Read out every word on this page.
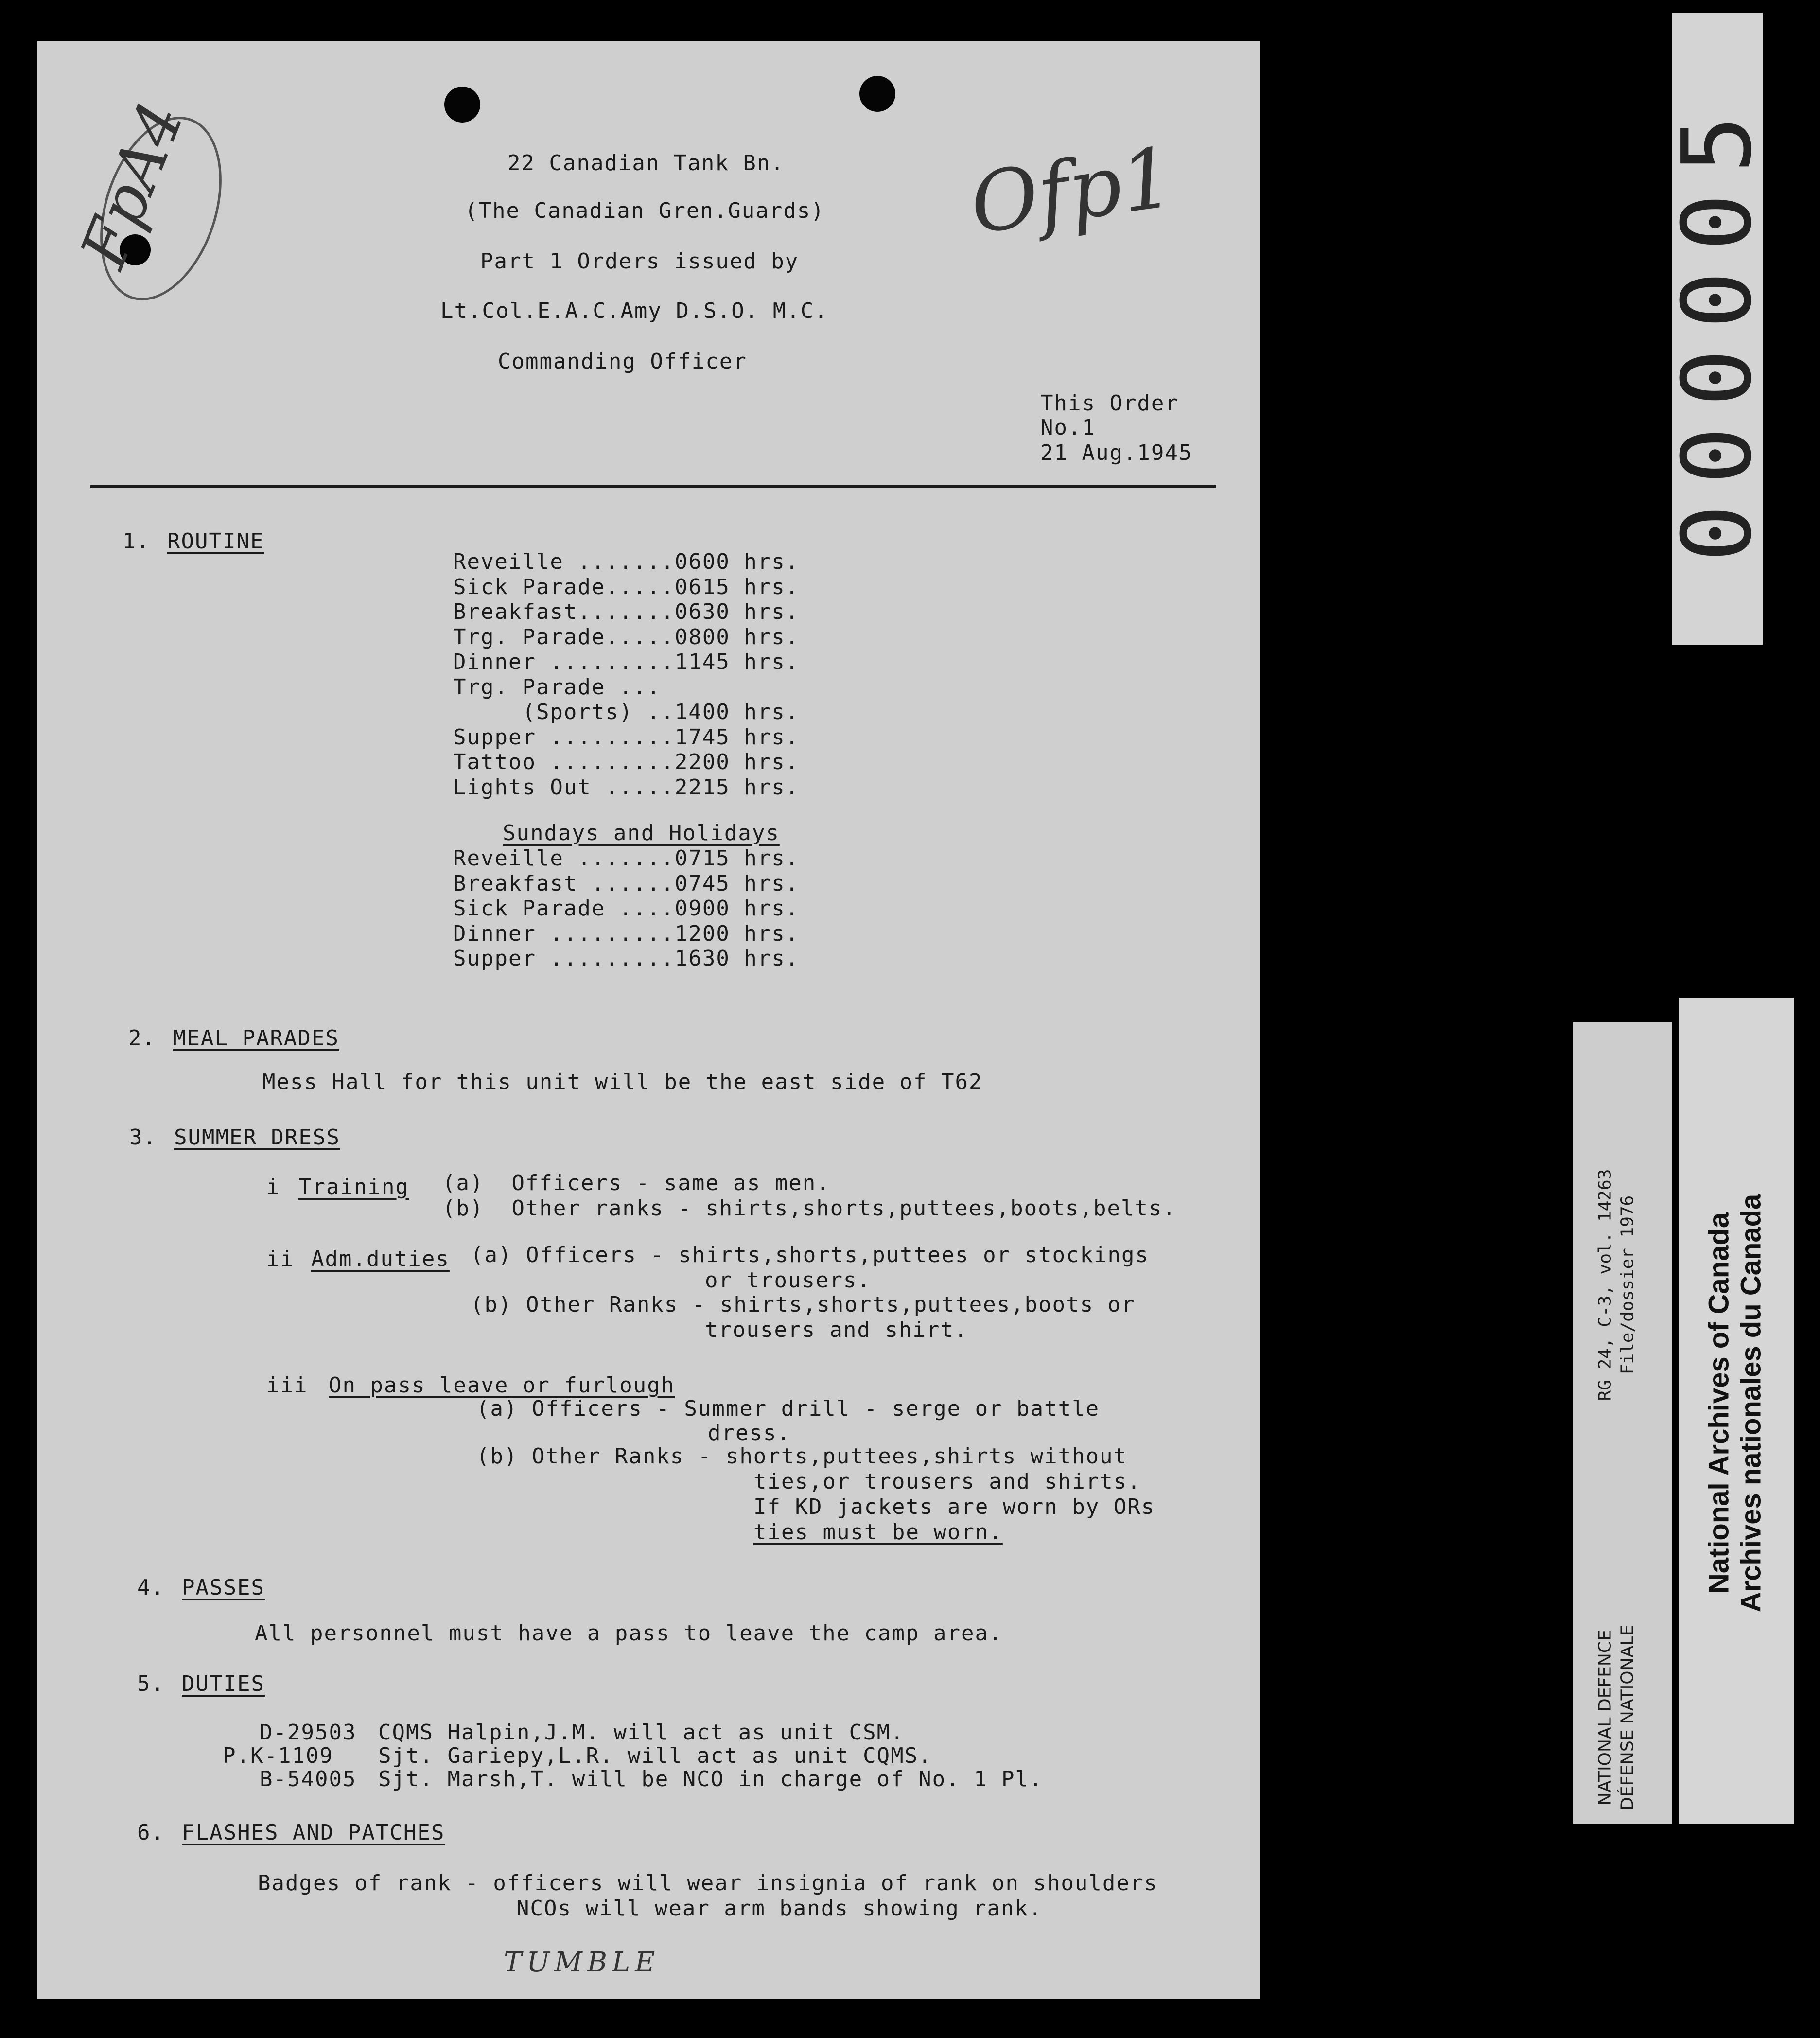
Ofp1
FpA4	22 Canadian Tank Bn.
(The Canadian Gren.Guards)
Part 1 Orders issued by
Lt.Col.E.A.C.Amy D.S.O. M.C.
Commanding Officer
This Order
No.1
21 Aug.1945
1. ROUTINE
Reveille .......0600 hrs.
Sick Parade.....0615 hrs.
Breakfast.......0630 hrs.
Trg. Parade.....0800 hrs.
Dinner .........1145 hrs.
Trg. Parade ...
(Sports) ..1400 hrs.
Supper .........1745 hrs.
Tattoo .........2200 hrs.
Lights Out .....2215 hrs.
Sundays and Holidays
Reveille .......0715 hrs.
Breakfast ......0745 hrs.
Sick Parade ....0900 hrs.
Dinner .........1200 hrs.
Supper .........1630 hrs.
2. MEAL PARADES
Mess Hall for this unit will be the east side of T62
3. SUMMER DRESS
i Training (a)  Officers - same as men.
(b)  Other ranks - shirts,shorts,puttees,boots,belts.
ii Adm.duties (a) Officers - shirts,shorts,puttees or stockings
or trousers.
(b) Other Ranks - shirts,shorts,puttees,boots or
trousers and shirt.
iii On pass leave or furlough
(a) Officers - Summer drill - serge or battle
dress.
(b) Other Ranks - shorts,puttees,shirts without
ties,or trousers and shirts.
If KD jackets are worn by ORs
ties must be worn.
4. PASSES
All personnel must have a pass to leave the camp area.
5. DUTIES
D-29503 CQMS Halpin,J.M. will act as unit CSM.
P.K-1109 Sjt. Gariepy,L.R. will act as unit CQMS.
B-54005 Sjt. Marsh,T. will be NCO in charge of No. 1 Pl.
6. FLASHES AND PATCHES
Badges of rank - officers will wear insignia of rank on shoulders
NCOs will wear arm bands showing rank.
TUMBLE
000005
RG 24, C-3, vol. 14263 File/dossier 1976
NATIONAL DEFENCE DÉFENSE NATIONALE
National Archives of Canada Archives nationales du Canada
